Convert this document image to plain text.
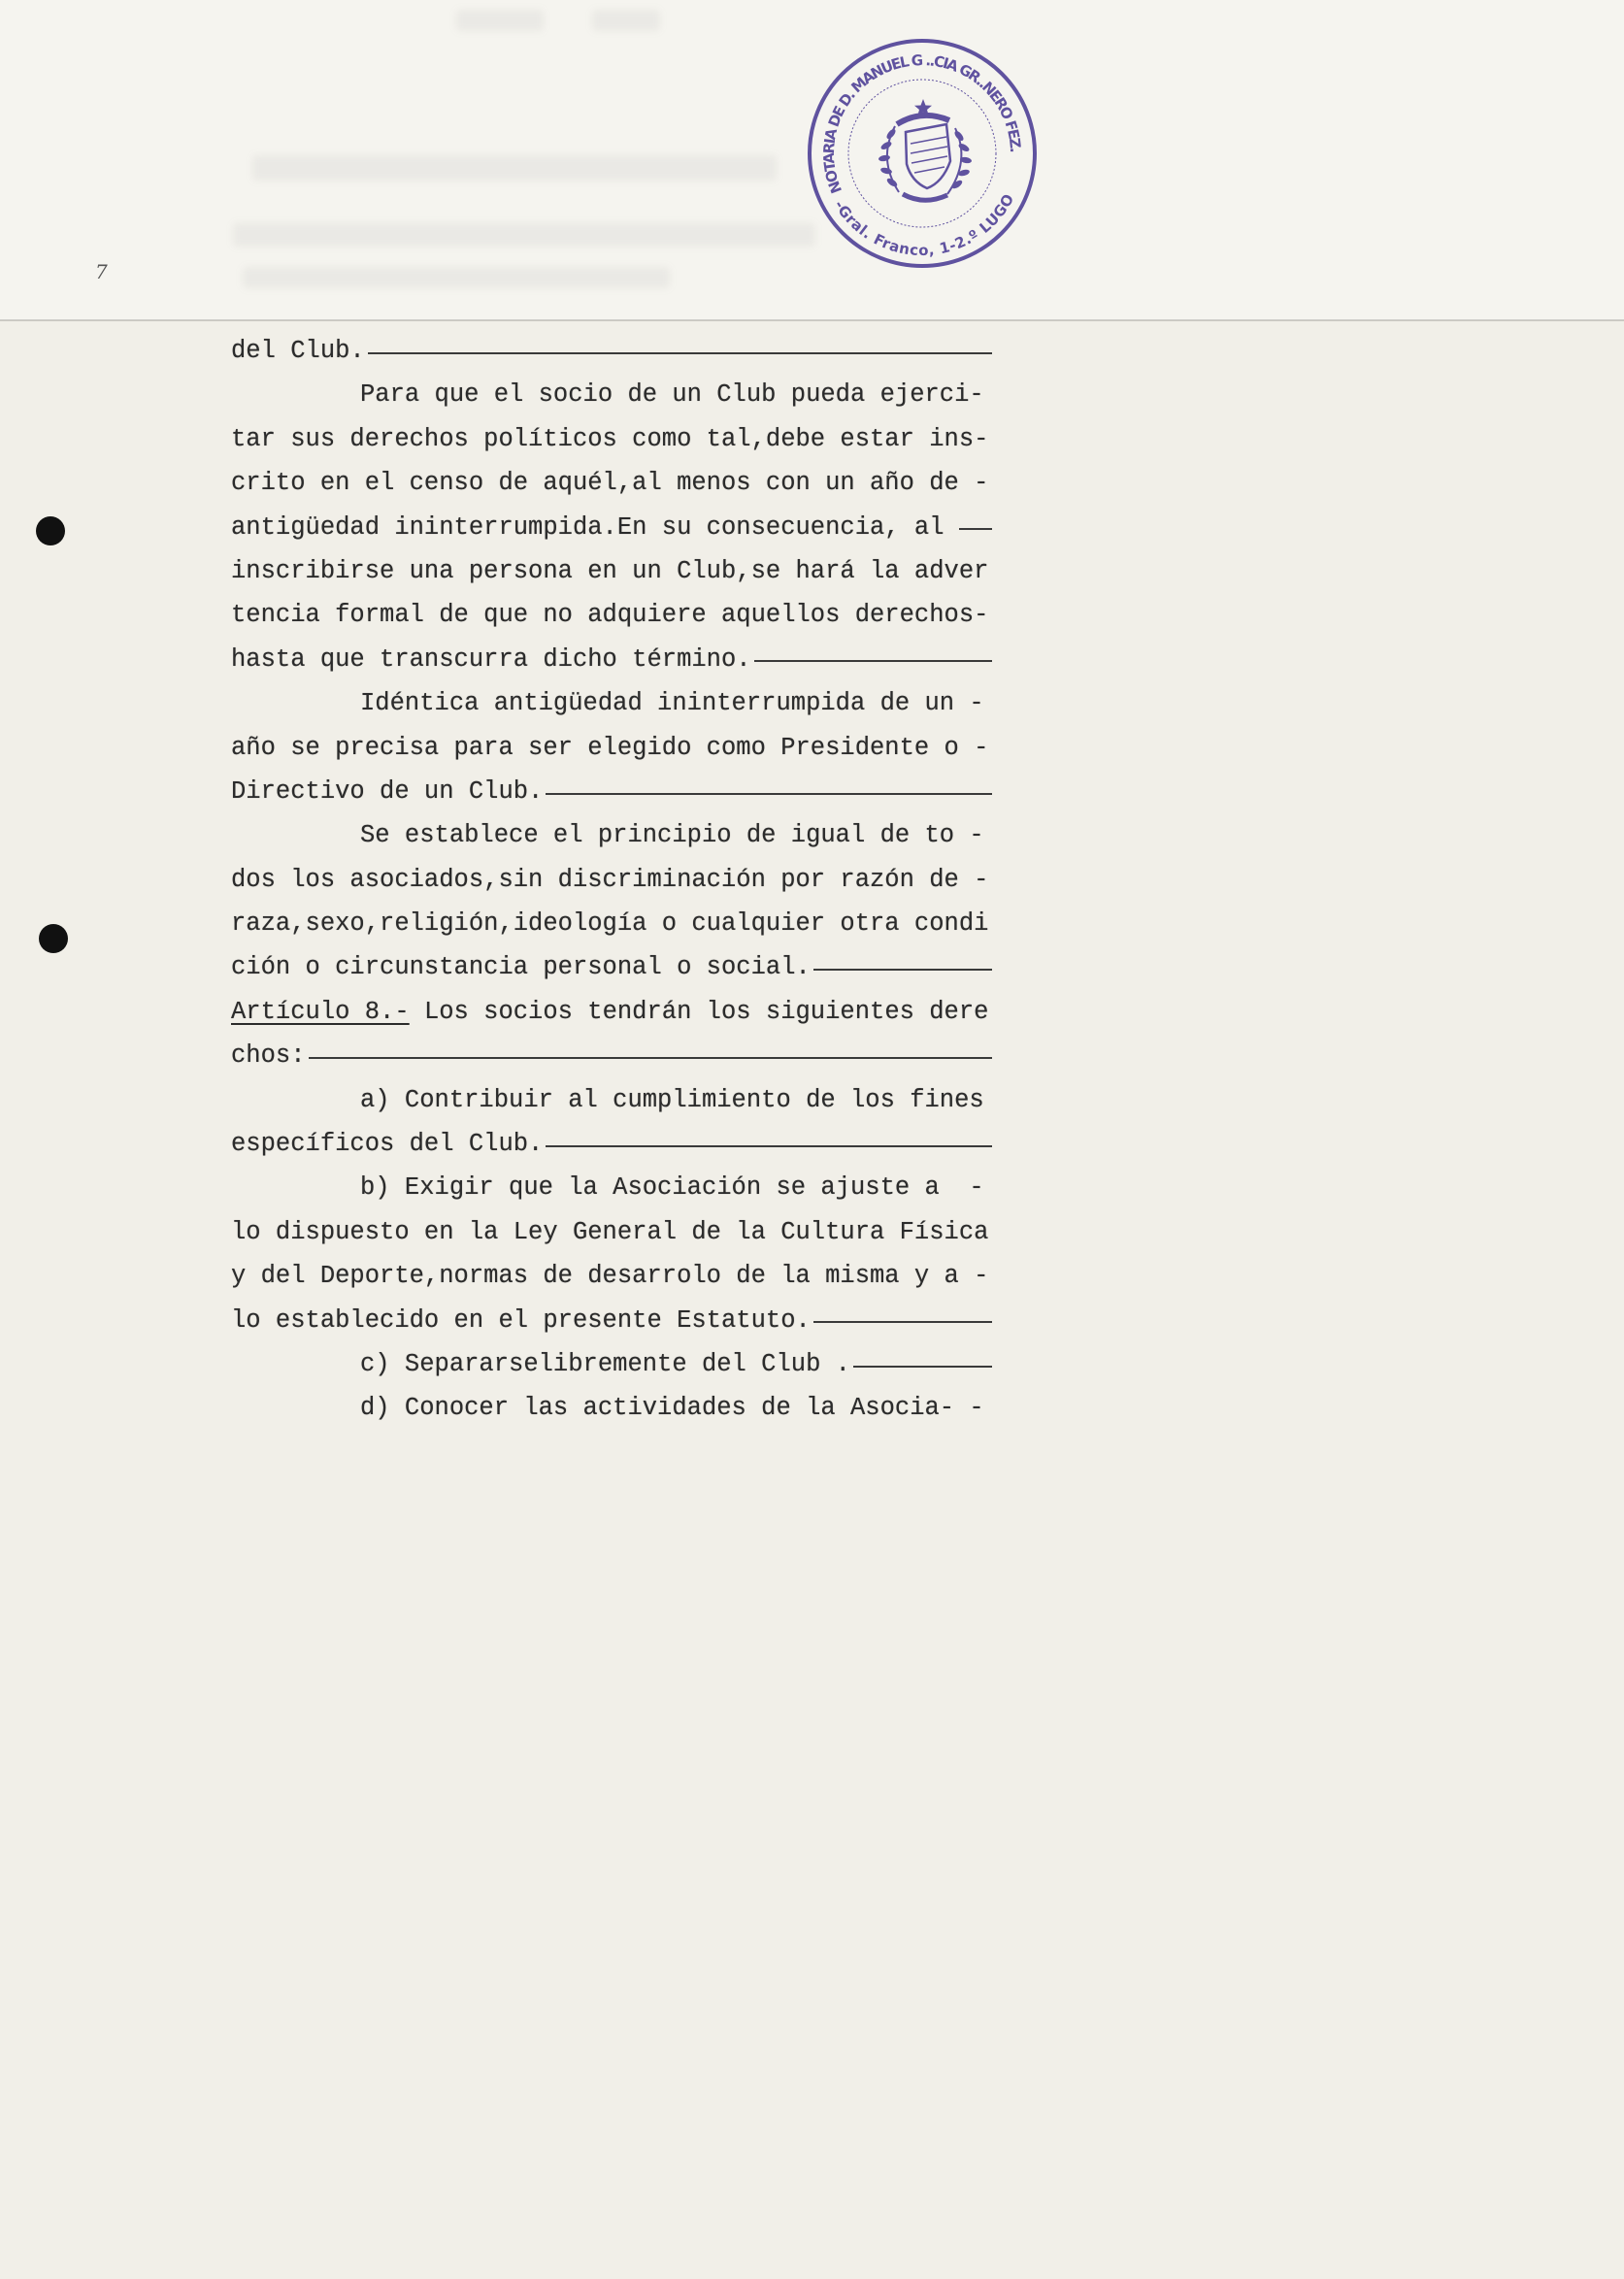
7
NOTARIA DE D. MANUEL G ..CIA GR..NERO FEZ.
-Gral. Franco, 1-2.º LUGO
del Club.
Para que el socio de un Club pueda ejerci-
tar sus derechos políticos como tal,debe estar ins-
crito en el censo de aquél,al menos con un año de -
antigüedad ininterrumpida.En su consecuencia, al
inscribirse una persona en un Club,se hará la adver
tencia formal de que no adquiere aquellos derechos-
hasta que transcurra dicho término.
Idéntica antigüedad ininterrumpida de un -
año se precisa para ser elegido como Presidente o -
Directivo de un Club.
Se establece el principio de igual de to -
dos los asociados,sin discriminación por razón de -
raza,sexo,religión,ideología o cualquier otra condi
ción o circunstancia personal o social.
Artículo 8.- Los socios tendrán los siguientes dere
chos:
a) Contribuir al cumplimiento de los fines
específicos del Club.
b) Exigir que la Asociación se ajuste a  -
lo dispuesto en la Ley General de la Cultura Física
y del Deporte,normas de desarrolo de la misma y a -
lo establecido en el presente Estatuto.
c) Separarselibremente del Club .
d) Conocer las actividades de la Asocia- -
